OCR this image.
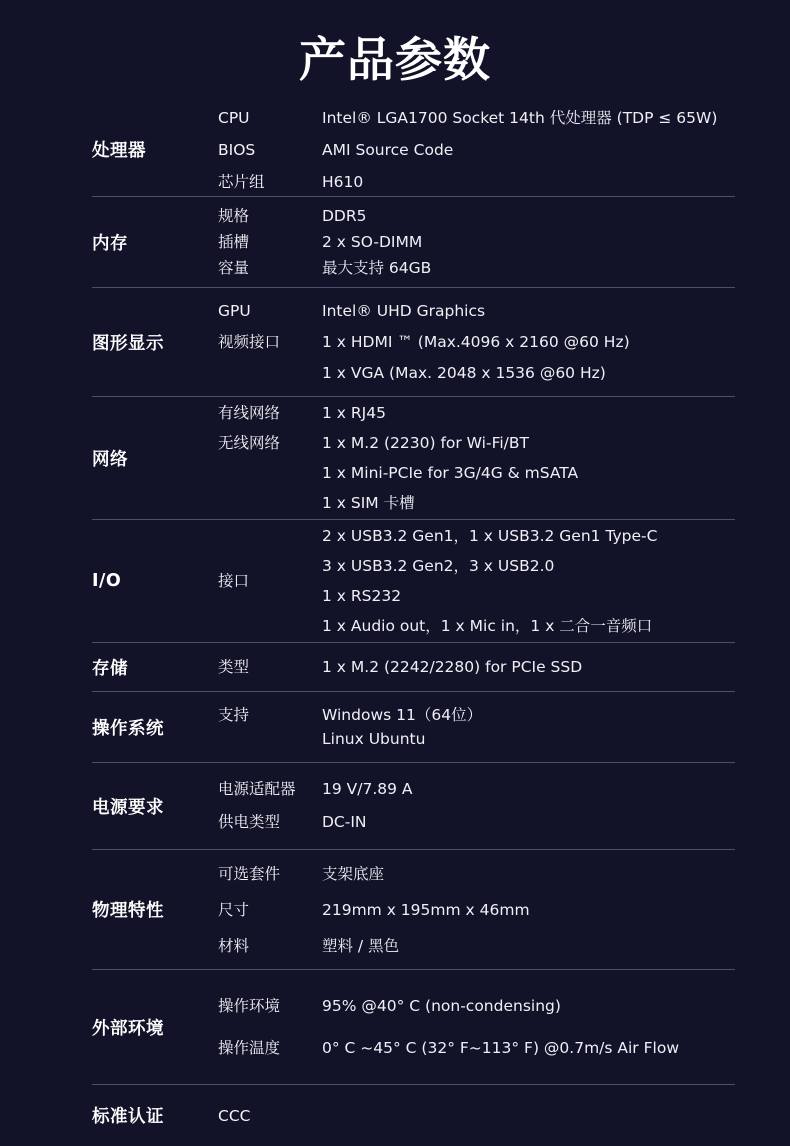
产品参数
处理器
CPU	Intel® LGA1700 Socket 14th 代处理器 (TDP ≤ 65W)
BIOS	AMI Source Code
芯片组	H610
内存
规格	DDR5
插槽	2 x SO-DIMM
容量	最大支持 64GB
图形显示
GPU	Intel® UHD Graphics
视频接口	1 x HDMI ™ (Max.4096 x 2160 @60 Hz)
1 x VGA (Max. 2048 x 1536 @60 Hz)
网络
有线网络	1 x RJ45
无线网络	1 x M.2 (2230) for Wi-Fi/BT
1 x Mini-PCIe for 3G/4G & mSATA
1 x SIM 卡槽
I/O	接口
2 x USB3.2 Gen1，1 x USB3.2 Gen1 Type-C
3 x USB3.2 Gen2，3 x USB2.0
1 x RS232
1 x Audio out，1 x Mic in，1 x 二合一音频口
存储	类型	1 x M.2 (2242/2280) for PCIe SSD
操作系统
支持	Windows 11（64位）
Linux Ubuntu
电源要求
电源适配器	19 V/7.89 A
供电类型	DC-IN
物理特性
可选套件	支架底座
尺寸	219mm x 195mm x 46mm
材料	塑料 / 黑色
外部环境
操作环境	95% @40° C (non-condensing)
操作温度	0° C ~45° C (32° F~113° F) @0.7m/s Air Flow
标准认证	CCC
